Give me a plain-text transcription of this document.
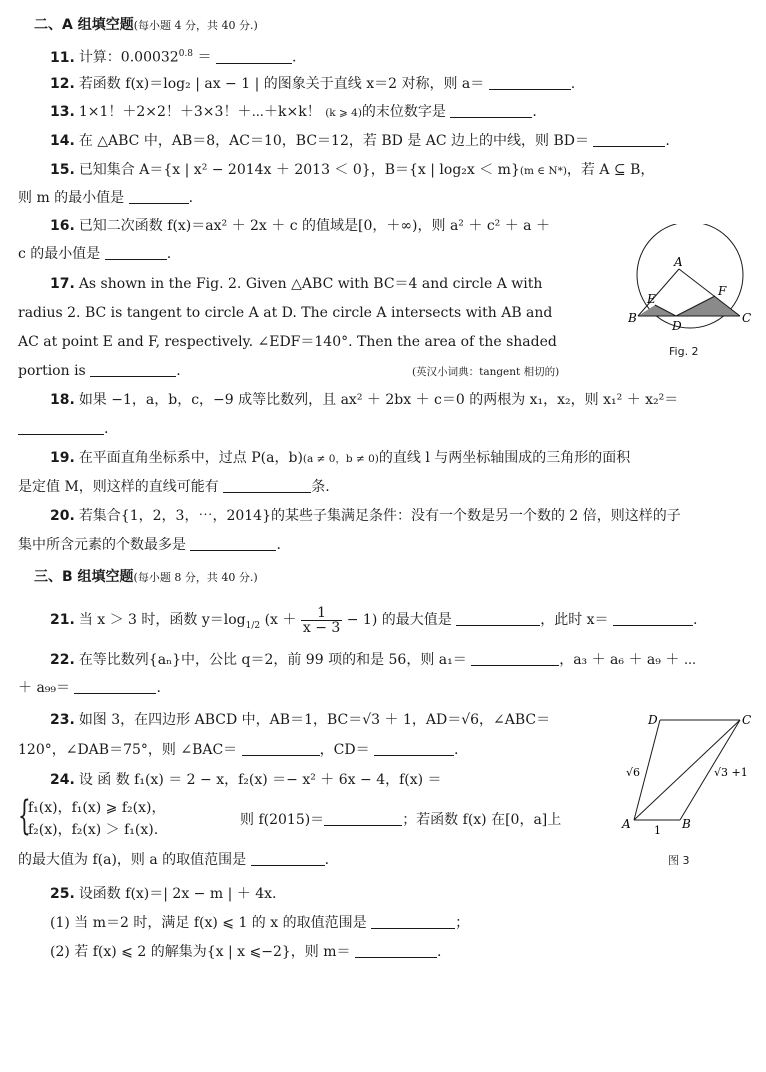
二、A 组填空题(每小题 4 分，共 40 分.)
11. 计算：$0.00032^{0.8}$ ＝	.
12. 若函数 f(x)＝log₂ | ax − 1 | 的图象关于直线 x＝2 对称，则 a＝	.
13. 1×1！＋2×2！＋3×3！＋⋯＋k×k！ (k ⩾ 4)的末位数字是	.
14. 在 △ABC 中，AB＝8，AC＝10，BC＝12，若 BD 是 AC 边上的中线，则 BD＝	.
15. 已知集合 A＝{x | x² − 2014x ＋ 2013 ＜ 0}，B＝{x | log₂x ＜ m}(m ∈ N*)，若 A ⊆ B，
则 m 的最小值是	.
16. 已知二次函数 f(x)＝ax² ＋ 2x ＋ c 的值域是[0，＋∞)，则 a² ＋ c² ＋ a ＋
c 的最小值是	.
17. As shown in the Fig. 2. Given △ABC with BC＝4 and circle A with
radius 2. BC is tangent to circle A at D. The circle A intersects with AB and
AC at point E and F, respectively. ∠EDF＝140°. Then the area of the shaded
portion is	.	(英汉小词典：tangent 相切的)
A
B	C
D
E
F
Fig. 2
18. 如果 −1，a，b，c，−9 成等比数列，且 ax² ＋ 2bx ＋ c＝0 的两根为 x₁，x₂，则 x₁² ＋ x₂²＝
.
19. 在平面直角坐标系中，过点 P(a，b)(a ≠ 0，b ≠ 0)的直线 l 与两坐标轴围成的三角形的面积
是定值 M，则这样的直线可能有	条.
20. 若集合{1，2，3，⋯，2014}的某些子集满足条件：没有一个数是另一个数的 2 倍，则这样的子
集中所含元素的个数最多是	.
三、B 组填空题(每小题 8 分，共 40 分.)
21. 当 x ＞ 3 时，函数 $y=\log_{1/2}$ $(x + \frac{1}{x - 3} - 1)$ 的最大值是	，此时 x＝	.
22. 在等比数列{aₙ}中，公比 q＝2，前 99 项的和是 56，则 a₁＝	，a₃ ＋ a₆ ＋ a₉ ＋ ⋯
＋ a₉₉＝	.
23. 如图 3，在四边形 ABCD 中，AB＝1，BC＝√3 ＋ 1，AD＝√6，∠ABC＝
120°，∠DAB＝75°，则 ∠BAC＝	，CD＝	.
24. 设 函 数 f₁(x) ＝ 2 − x，f₂(x) ＝− x² ＋ 6x − 4，f(x) ＝
{
f₁(x)，f₁(x) ⩾ f₂(x)，
f₂(x)，f₂(x) ＞ f₁(x).
则 f(2015)＝	；若函数 f(x) 在[0，a]上
的最大值为 f(a)，则 a 的取值范围是	.
D	C
A	B
1
√6	√3 +1
图 3
25. 设函数 f(x)＝| 2x − m | ＋ 4x.
(1) 当 m＝2 时，满足 f(x) ⩽ 1 的 x 的取值范围是	；
(2) 若 f(x) ⩽ 2 的解集为{x | x ⩽−2}，则 m＝	.
